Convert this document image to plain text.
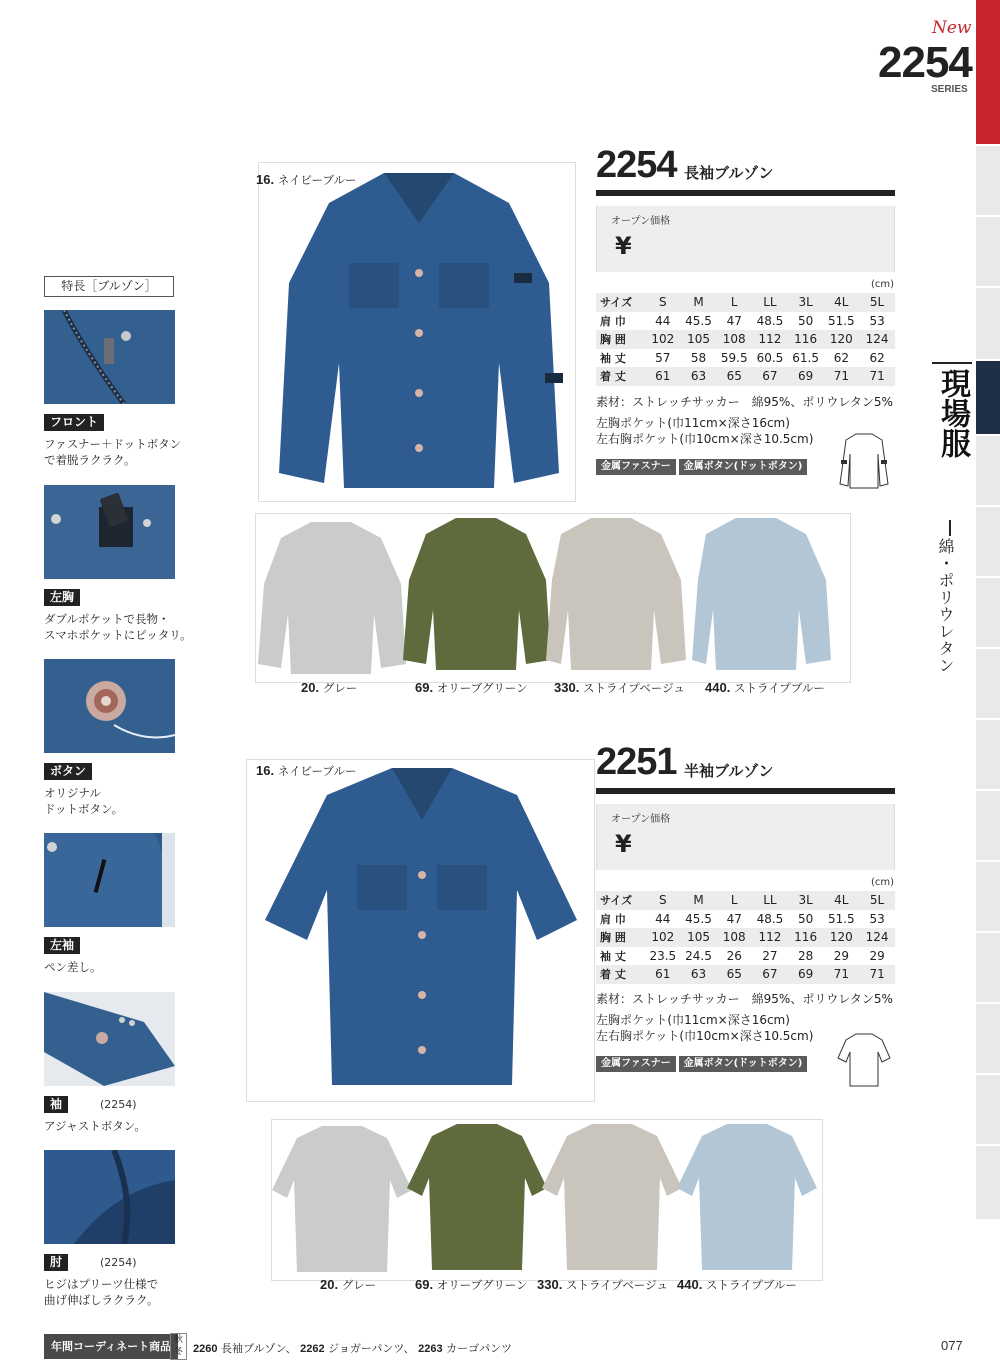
New
2254
SERIES
現場服
綿・ポリウレタン
特長［ブルゾン］
フロント
ファスナー＋ドットボタン
で着脱ラクラク。
左胸
ダブルポケットで長物・
スマホポケットにピッタリ。
ボタン
オリジナル
ドットボタン。
左袖
ペン差し。
袖	(2254)
アジャストボタン。
肘	(2254)
ヒジはプリーツ仕様で
曲げ伸ばしラクラク。
16. ネイビーブルー	2254 長袖ブルゾン
オープン価格
¥
(cm)
サイズ	S	M	L	LL	3L	4L	5L
肩 巾	44	45.5	47	48.5	50	51.5	53
胸 囲	102	105	108	112	116	120	124
袖 丈	57	58	59.5	60.5	61.5	62	62
着 丈	61	63	65	67	69	71	71
素材：ストレッチサッカー　綿95%、ポリウレタン5%
左胸ポケット(巾11cm×深さ16cm)
左右胸ポケット(巾10cm×深さ10.5cm)
金属ファスナー 金属ボタン(ドットボタン)
20. グレー	69. オリーブグリーン 330. ストライプベージュ 440. ストライプブルー
16. ネイビーブルー	2251 半袖ブルゾン
オープン価格
¥
(cm)
サイズ	S	M	L	LL	3L	4L	5L
肩 巾	44	45.5	47	48.5	50	51.5	53
胸 囲	102	105	108	112	116	120	124
袖 丈	23.5	24.5	26	27	28	29	29
着 丈	61	63	65	67	69	71	71
素材：ストレッチサッカー　綿95%、ポリウレタン5%
左胸ポケット(巾11cm×深さ16cm)
左右胸ポケット(巾10cm×深さ10.5cm)
金属ファスナー 金属ボタン(ドットボタン)
20. グレー	69. オリーブグリーン 330. ストライプベージュ 440. ストライプブルー
年間コーディネート商品 秋冬 2260 長袖ブルゾン、 2262 ジョガーパンツ、 2263 カーゴパンツ	077
